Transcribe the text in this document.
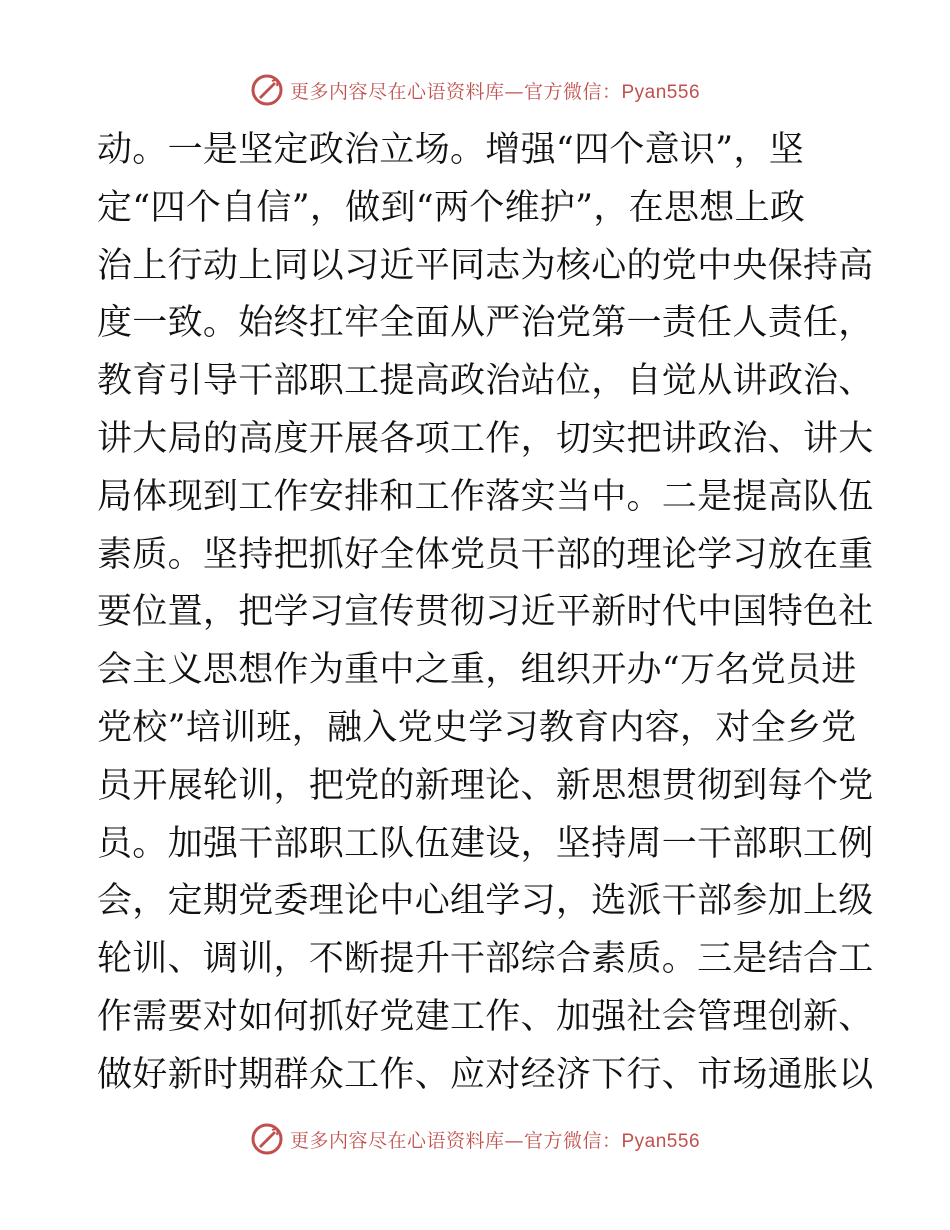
更多内容尽在心语资料库—官方微信：Pyan556
动。一是坚定政治立场。增强“四个意识”，坚
定“四个自信”，做到“两个维护”，在思想上政
治上行动上同以习近平同志为核心的党中央保持高
度一致。始终扛牢全面从严治党第一责任人责任，
教育引导干部职工提高政治站位，自觉从讲政治、
讲大局的高度开展各项工作，切实把讲政治、讲大
局体现到工作安排和工作落实当中。二是提高队伍
素质。坚持把抓好全体党员干部的理论学习放在重
要位置，把学习宣传贯彻习近平新时代中国特色社
会主义思想作为重中之重，组织开办“万名党员进
党校”培训班，融入党史学习教育内容，对全乡党
员开展轮训，把党的新理论、新思想贯彻到每个党
员。加强干部职工队伍建设，坚持周一干部职工例
会，定期党委理论中心组学习，选派干部参加上级
轮训、调训，不断提升干部综合素质。三是结合工
作需要对如何抓好党建工作、加强社会管理创新、
做好新时期群众工作、应对经济下行、市场通胀以
更多内容尽在心语资料库—官方微信：Pyan556
